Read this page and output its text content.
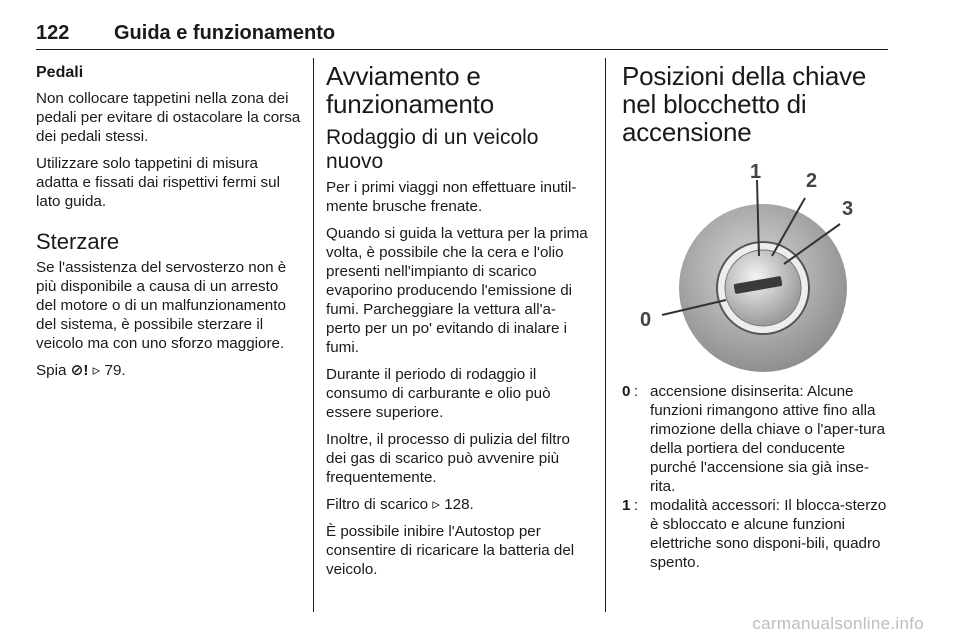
122 Guida e funzionamento
Pedali

Non collocare tappetini nella zona dei pedali per evitare di ostacolare la corsa dei pedali stessi.

Utilizzare solo tappetini di misura adatta e fissati dai rispettivi fermi sul lato guida.

Sterzare

Se l'assistenza del servosterzo non è più disponibile a causa di un arresto del motore o di un malfunzionamento del sistema, è possibile sterzare il veicolo ma con uno sforzo maggiore.

Spia ⊘! ▹ 79.

Avviamento e funzionamento
Rodaggio di un veicolo nuovo

Per i primi viaggi non effettuare inutil-mente brusche frenate.

Quando si guida la vettura per la prima volta, è possibile che la cera e l'olio presenti nell'impianto di scarico evaporino producendo l'emissione di fumi. Parcheggiare la vettura all'a-perto per un po' evitando di inalare i fumi.

Durante il periodo di rodaggio il consumo di carburante e olio può essere superiore.

Inoltre, il processo di pulizia del filtro dei gas di scarico può avvenire più frequentemente.

Filtro di scarico ▹ 128.

È possibile inibire l'Autostop per consentire di ricaricare la batteria del veicolo.

Posizioni della chiave nel blocchetto di accensione
1 2
3
0
0 : accensione disinserita: Alcune funzioni rimangono attive fino alla rimozione della chiave o l'aper-tura della portiera del conducente purché l'accensione sia già inse-rita.
1 : modalità accessori: Il blocca-sterzo è sbloccato e alcune funzioni elettriche sono disponi-bili, quadro spento.
carmanualsonline.info
